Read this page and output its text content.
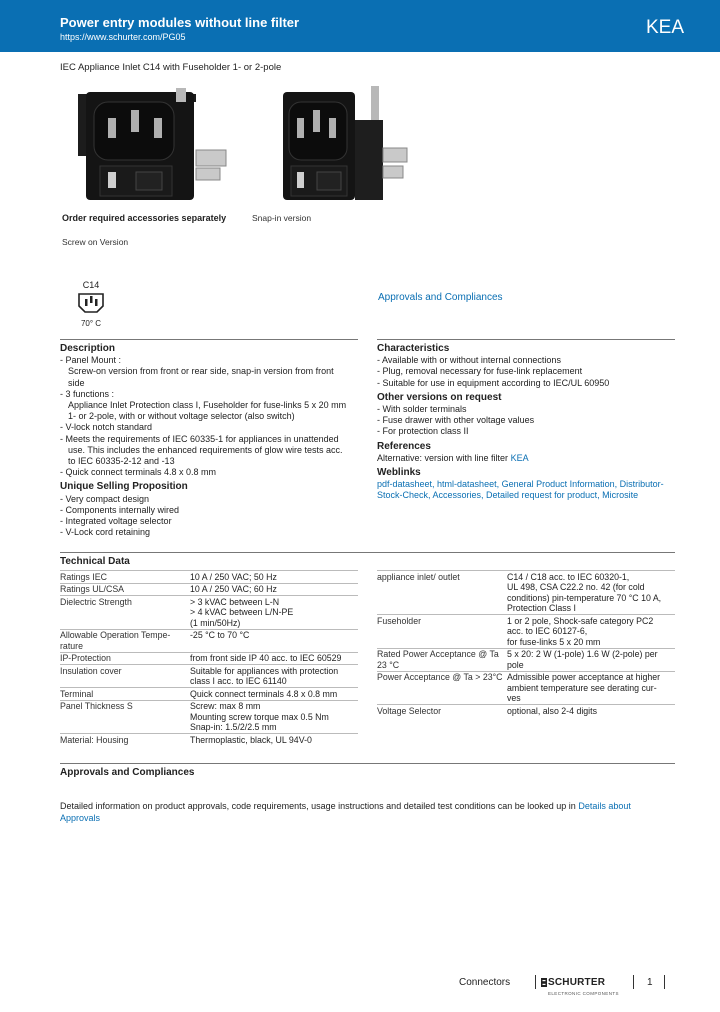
Power entry modules without line filter
https://www.schurter.com/PG05	KEA
IEC Appliance Inlet C14 with Fuseholder 1- or 2-pole
Order required accessories separately	Snap-in version
Screw on Version
C14
70° C
Approvals and Compliances

Description

- Panel Mount :

Screw-on version from front or rear side, snap-in version from front

side

- 3 functions :

Appliance Inlet Protection class I, Fuseholder for fuse-links 5 x 20 mm

1- or 2-pole, with or without voltage selector (also switch)

- V-lock notch standard

- Meets the requirements of IEC 60335-1 for appliances in unattended

use. This includes the enhanced requirements of glow wire tests acc.

to IEC 60335-2-12 and -13

- Quick connect terminals 4.8 x 0.8 mm

Unique Selling Proposition

- Very compact design

- Components internally wired

- Integrated voltage selector

- V-Lock cord retaining

Characteristics

- Available with or without internal connections

- Plug, removal necessary for fuse-link replacement

- Suitable for use in equipment according to IEC/UL 60950

Other versions on request

- With solder terminals

- Fuse drawer with other voltage values

- For protection class II

References

Alternative: version with line filter KEA

Weblinks

pdf-datasheet, html-datasheet, General Product Information, Distributor-

Stock-Check, Accessories, Detailed request for product, Microsite

Technical Data
Ratings IEC	10 A / 250 VAC; 50 Hz

Ratings UL/CSA	10 A / 250 VAC; 60 Hz

Dielectric Strength	> 3 kVAC between L-N
> 4 kVAC between L/N-PE
(1 min/50Hz)

Allowable Operation Tempe-rature	-25 °C to 70 °C

IP-Protection	from front side IP 40 acc. to IEC 60529

Insulation cover	Suitable for appliances with protection
class I acc. to IEC 61140

Terminal	Quick connect terminals 4.8 x 0.8 mm

Panel Thickness S	Screw: max 8 mm
Mounting screw torque max 0.5 Nm
Snap-in: 1.5/2/2.5 mm

Material: Housing	Thermoplastic, black, UL 94V-0
appliance inlet/ outlet	C14 / C18 acc. to IEC 60320-1,
UL 498, CSA C22.2 no. 42 (for cold
conditions) pin-temperature 70 °C 10 A,
Protection Class I

Fuseholder	1 or 2 pole, Shock-safe category PC2
acc. to IEC 60127-6,
for fuse-links 5 x 20 mm

Rated Power Acceptance @ Ta 23 °C	5 x 20: 2 W (1-pole) 1.6 W (2-pole) per
pole

Power Acceptance @ Ta > 23°C	Admissible power acceptance at higher
ambient temperature see derating cur-
ves

Voltage Selector	optional, also 2-4 digits
Approvals and Compliances
Detailed information on product approvals, code requirements, usage instructions and detailed test conditions can be looked up in Details about
Approvals
Connectors	SCHURTER
ELECTRONIC COMPONENTS
1
